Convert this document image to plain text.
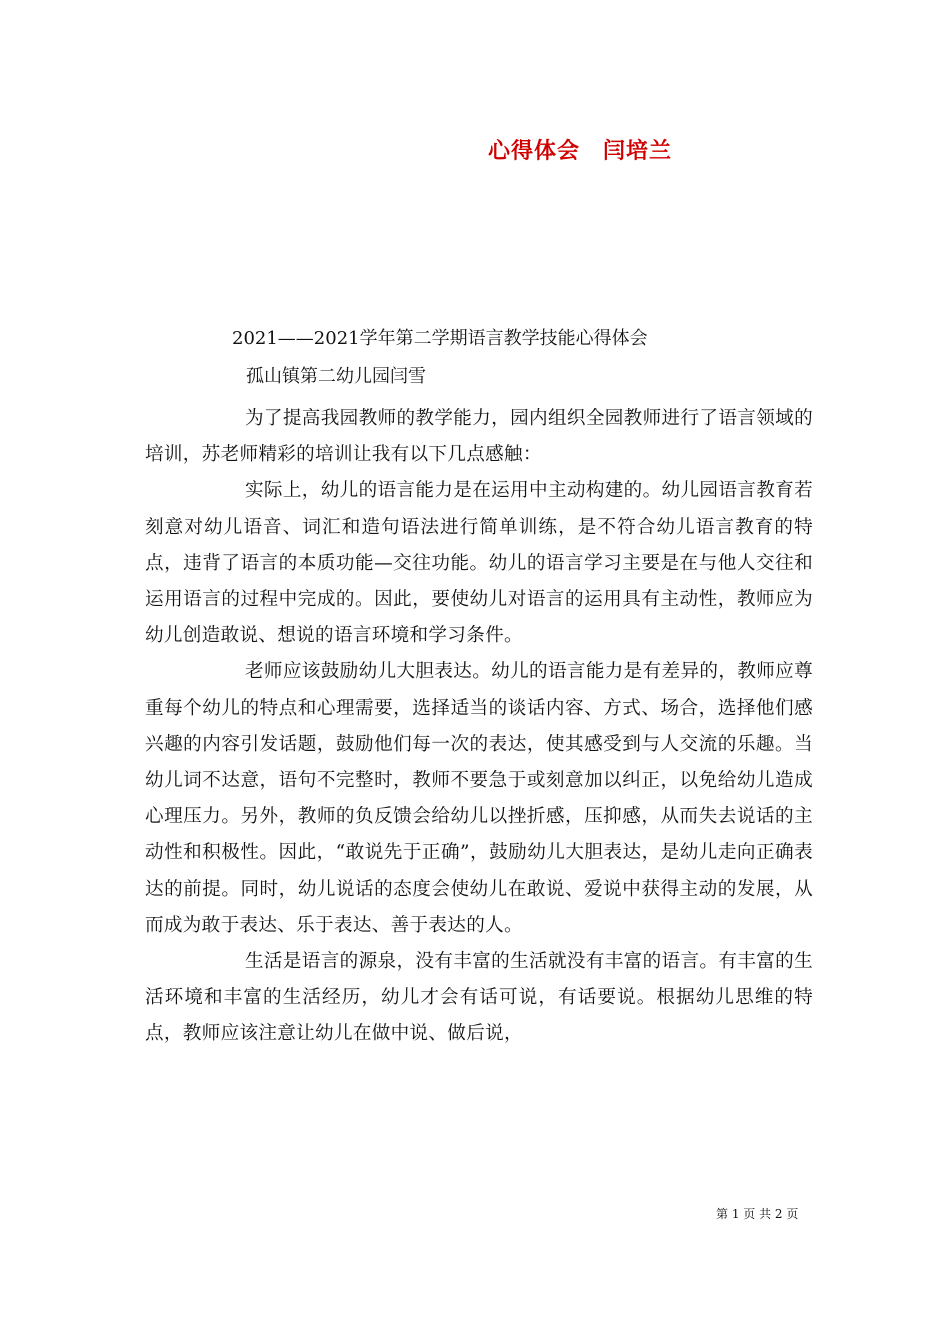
心得体会　闫培兰
2021——2021学年第二学期语言教学技能心得体会
孤山镇第二幼儿园闫雪

为了提高我园教师的教学能力，园内组织全园教师进行了语言领域的培训，苏老师精彩的培训让我有以下几点感触：

实际上，幼儿的语言能力是在运用中主动构建的。幼儿园语言教育若刻意对幼儿语音、词汇和造句语法进行简单训练，是不符合幼儿语言教育的特点，违背了语言的本质功能—交往功能。幼儿的语言学习主要是在与他人交往和运用语言的过程中完成的。因此，要使幼儿对语言的运用具有主动性，教师应为幼儿创造敢说、想说的语言环境和学习条件。

老师应该鼓励幼儿大胆表达。幼儿的语言能力是有差异的，教师应尊重每个幼儿的特点和心理需要，选择适当的谈话内容、方式、场合，选择他们感兴趣的内容引发话题，鼓励他们每一次的表达，使其感受到与人交流的乐趣。当幼儿词不达意，语句不完整时，教师不要急于或刻意加以纠正，以免给幼儿造成心理压力。另外，教师的负反馈会给幼儿以挫折感，压抑感，从而失去说话的主动性和积极性。因此，“敢说先于正确”，鼓励幼儿大胆表达，是幼儿走向正确表达的前提。同时，幼儿说话的态度会使幼儿在敢说、爱说中获得主动的发展，从而成为敢于表达、乐于表达、善于表达的人。

生活是语言的源泉，没有丰富的生活就没有丰富的语言。有丰富的生活环境和丰富的生活经历，幼儿才会有话可说，有话要说。根据幼儿思维的特点，教师应该注意让幼儿在做中说、做后说，

第 1 页 共 2 页
